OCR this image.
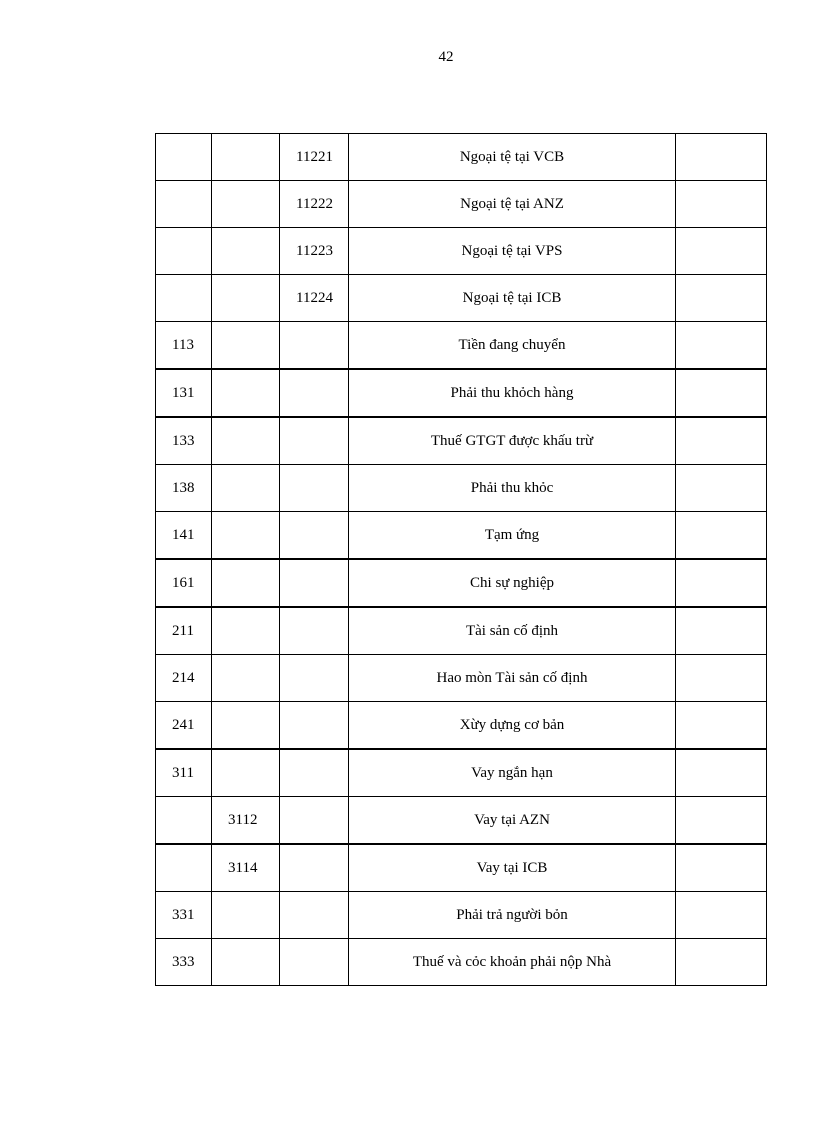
42
		11221	Ngoại tệ tại VCB	
		11222	Ngoại tệ tại ANZ	
		11223	Ngoại tệ tại VPS	
		11224	Ngoại tệ tại ICB	
113			Tiền đang chuyển	
131			Phải thu khỏch hàng	
133			Thuế GTGT được khấu trừ	
138			Phải thu khỏc	
141			Tạm ứng	
161			Chi sự nghiệp	
211			Tài sản cố định	
214			Hao mòn Tài sản cố định	
241			Xừy dựng cơ bản	
311			Vay ngắn hạn	
	3112		Vay tại AZN	
	3114		Vay tại ICB	
331			Phải trả người bỏn	
333			Thuế và cỏc khoản phải nộp Nhà	
